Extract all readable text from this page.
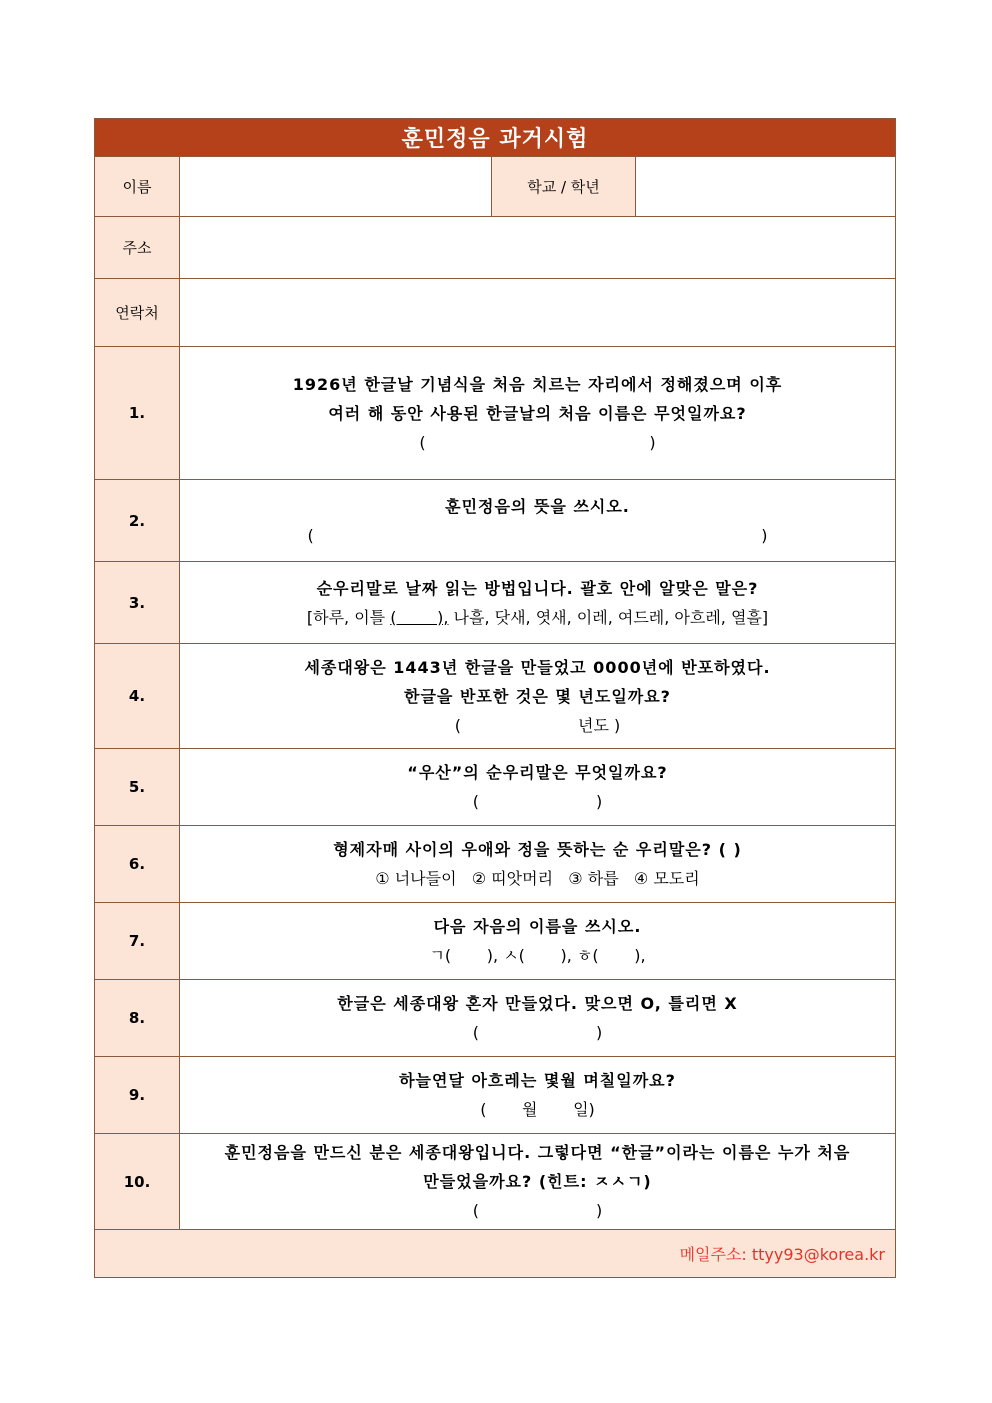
훈민정음 과거시험			
이름		학교 / 학년	
주소			
연락처			
1.	1926년 한글날 기념식을 처음 치르는 자리에서 정해졌으며 이후
여러 해 동안 사용된 한글날의 처음 이름은 무엇일까요?
(                                            )		

2.	훈민정음의 뜻을 쓰시오.
(                                                                                        )		

3.	순우리말로 날짜 읽는 방법입니다. 괄호 안에 알맞은 말은?
[하루, 이틀 (        ), 나흘, 닷새, 엿새, 이레, 여드레, 아흐레, 열흘]		

4.	세종대왕은 1443년 한글을 만들었고 0000년에 반포하였다.
한글을 반포한 것은 몇 년도일까요?
(                       년도 )		

5.	“우산”의 순우리말은 무엇일까요?
(                       )		

6.	형제자매 사이의 우애와 정을 뜻하는 순 우리말은? ( )
① 너나들이   ② 띠앗머리   ③ 하릅   ④ 모도리		

7.	다음 자음의 이름을 쓰시오.
ㄱ(       ), ㅅ(       ), ㅎ(       ),		

8.	한글은 세종대왕 혼자 만들었다. 맞으면 O, 틀리면 X
(                       )		

9.	하늘연달 아흐레는 몇월 며칠일까요?
(       월       일)		

10.	훈민정음을 만드신 분은 세종대왕입니다. 그렇다면 “한글”이라는 이름은 누가 처음
만들었을까요? (힌트: ㅈㅅㄱ)
(                       )		

메일주소: ttyy93@korea.kr			
